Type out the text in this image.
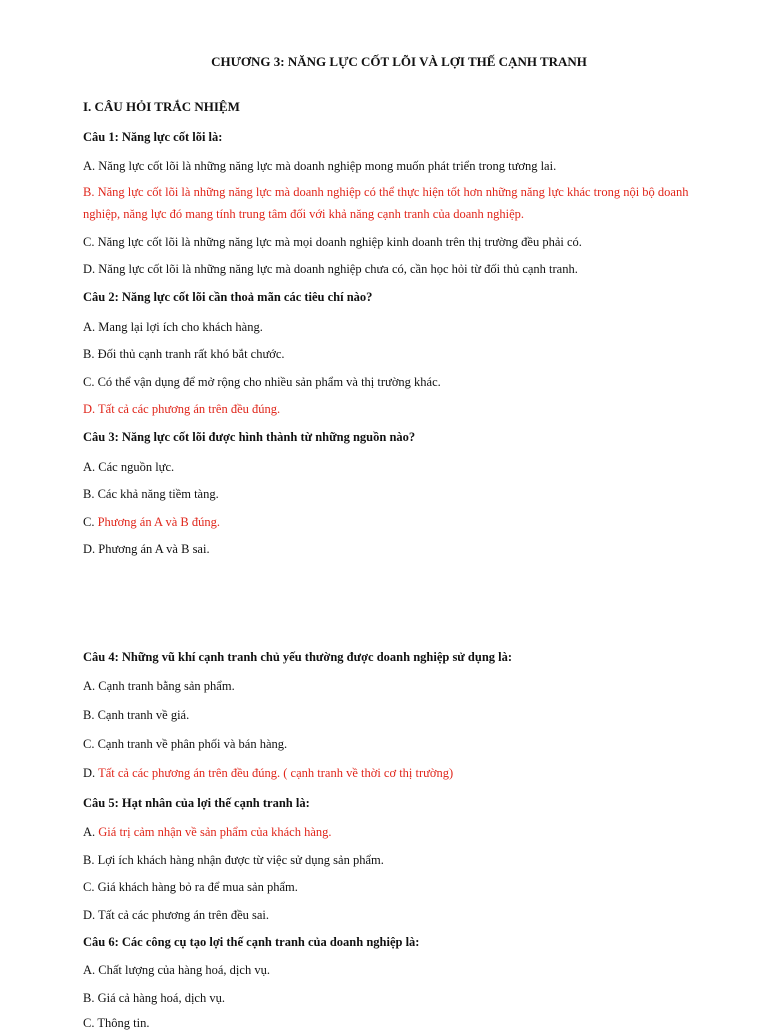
CHƯƠNG 3: NĂNG LỰC CỐT LÕI VÀ LỢI THẾ CẠNH TRANH
I. CÂU HỎI TRẮC NHIỆM
Câu 1: Năng lực cốt lõi là:
A. Năng lực cốt lõi là những năng lực mà doanh nghiệp mong muốn phát triển trong tương lai.
B. Năng lực cốt lõi là những năng lực mà doanh nghiệp có thể thực hiện tốt hơn những năng lực khác trong nội bộ doanh nghiệp, năng lực đó mang tính trung tâm đối với khả năng cạnh tranh của doanh nghiệp.
C. Năng lực cốt lõi là những năng lực mà mọi doanh nghiệp kinh doanh trên thị trường đều phải có.
D. Năng lực cốt lõi là những năng lực mà doanh nghiệp chưa có, cần học hỏi từ đối thủ cạnh tranh.
Câu 2: Năng lực cốt lõi cần thoả mãn các tiêu chí nào?
A. Mang lại lợi ích cho khách hàng.
B. Đối thủ cạnh tranh rất khó bắt chước.
C. Có thể vận dụng để mở rộng cho nhiều sản phẩm và thị trường khác.
D. Tất cả các phương án trên đều đúng.
Câu 3: Năng lực cốt lõi được hình thành từ những nguồn nào?
A. Các nguồn lực.
B. Các khả năng tiềm tàng.
C. Phương án A và B đúng.
D. Phương án A và B sai.
Câu 4: Những vũ khí cạnh tranh chủ yếu thường được doanh nghiệp sử dụng là:
A. Cạnh tranh bằng sản phẩm.
B. Cạnh tranh về giá.
C. Cạnh tranh về phân phối và bán hàng.
D. Tất cả các phương án trên đều đúng. ( cạnh tranh về thời cơ thị trường)
Câu 5: Hạt nhân của lợi thế cạnh tranh là:
A. Giá trị cảm nhận về sản phẩm của khách hàng.
B. Lợi ích khách hàng nhận được từ việc sử dụng sản phẩm.
C. Giá khách hàng bỏ ra để mua sản phẩm.
D. Tất cả các phương án trên đều sai.
Câu 6: Các công cụ tạo lợi thế cạnh tranh của doanh nghiệp là:
A. Chất lượng của hàng hoá, dịch vụ.
B. Giá cả hàng hoá, dịch vụ.
C. Thông tin.
